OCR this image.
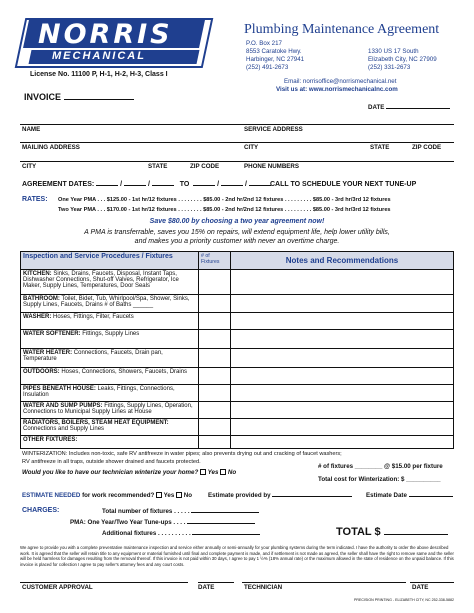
NORRIS
MECHANICAL
License No. 11100 P, H-1, H-2, H-3, Class I
Plumbing Maintenance Agreement
P.O. Box 217
8553 Caratoke Hwy.
Harbinger, NC 27941
(252) 491-2673
1330 US 17 South
Elizabeth City, NC 27909
(252) 331-2673
Email: norrisoffice@norrismechanical.net
Visit us at: www.norrismechanicalnc.com
INVOICE
DATE
NAME	SERVICE ADDRESS
MAILING ADDRESS	CITY	STATE	ZIP CODE
CITY	STATE	ZIP CODE	PHONE NUMBERS
AGREEMENT DATES:	/	/	TO	/	/	CALL TO SCHEDULE YOUR NEXT TUNE-UP
RATES: One Year PMA . . . $125.00 - 1st hr/12 fixtures . . . . . . . . $85.00 - 2nd hr/2nd 12 fixtures . . . . . . . . . $85.00 - 3rd hr/3rd 12 fixtures
Two Year PMA . . . $170.00 - 1st hr/12 fixtures . . . . . . . . $85.00 - 2nd hr/2nd 12 fixtures . . . . . . . . . $85.00 - 3rd hr/3rd 12 fixtures
Save $80.00 by choosing a two year agreement now!
A PMA is transferrable, saves you 15% on repairs, will extend equipment life, help lower utility bills,
and makes you a priority customer with never an overtime charge.
Inspection and Service Procedures / Fixtures	# of Fixtures	Notes and Recommendations
KITCHEN: Sinks, Drains, Faucets, Disposal, Instant Taps, Dishwasher Connections, Shut-off Valves, Refrigerator, Ice Maker, Supply Lines, Temperatures, Door Seals		
BATHROOM: Toilet, Bidet, Tub, Whirlpool/Spa, Shower, Sinks, Supply Lines, Faucets, Drains # of Baths ______		
WASHER: Hoses, Fittings, Filter, Faucets		
WATER SOFTENER: Fittings, Supply Lines		
WATER HEATER: Connections, Faucets, Drain pan, Temperature		
OUTDOORS: Hoses, Connections, Showers, Faucets, Drains		
PIPES BENEATH HOUSE: Leaks, Fittings, Connections, Insulation		
WATER AND SUMP PUMPS: Fittings, Supply Lines, Operation, Connections to Municipal Supply Lines at House		
RADIATORS, BOILERS, STEAM HEAT EQUIPMENT: Connections and Supply Lines		
OTHER FIXTURES:		
WINTERIZATION: Includes non-toxic, safe RV antifreeze in water pipes; also prevents drying out and cracking of faucet washers;
RV antifreeze in all traps, outside shower drained and faucets protected.
Would you like to have our technician winterize your home? Yes No
# of fixtures ________ @ $15.00 per fixture
Total cost for Winterization: $ __________
ESTIMATE NEEDED for work recommended? Yes No	Estimate provided by	Estimate Date
CHARGES:	Total number of fixtures . . . . .
PMA: One Year/Two Year Tune-ups . . . .
Additional fixtures . . . . . . . . . .	TOTAL $
We agree to provide you with a complete preventative maintenance inspection and service either annually or semi-annually for your plumbing systems during the term indicated. I have the authority to order the above described work. It is agreed that the seller will retain title to any equipment or material furnished until final and complete payment is made, and if settlement is not made as agreed, the seller shall have the right to remove same and the seller will be held harmless for damages resulting from the removal thereof. If this invoice is not paid within 30 days, I agree to pay 1 ½% (18% annual rate) or the maximum allowed in the state of residence on the unpaid balance. If this invoice is placed for collection I agree to pay seller's attorney fees and any court costs.
CUSTOMER APPROVAL	DATE	TECHNICIAN	DATE
PRECISION PRINTING - ELIZABETH CITY, NC 252-338-5882
